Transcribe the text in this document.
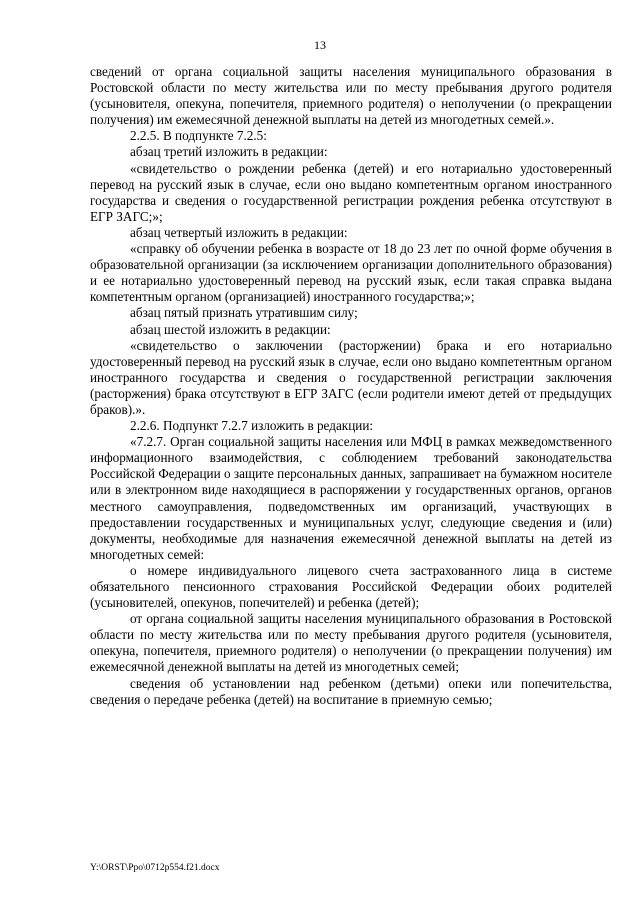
13

сведений от органа социальной защиты населения муниципального образования в Ростовской области по месту жительства или по месту пребывания другого родителя (усыновителя, опекуна, попечителя, приемного родителя) о неполучении (о прекращении получения) им ежемесячной денежной выплаты на детей из многодетных семей.».

2.2.5. В подпункте 7.2.5:

абзац третий изложить в редакции:

«свидетельство о рождении ребенка (детей) и его нотариально удостоверенный перевод на русский язык в случае, если оно выдано компетентным органом иностранного государства и сведения о государственной регистрации рождения ребенка отсутствуют в ЕГР ЗАГС;»;

абзац четвертый изложить в редакции:

«справку об обучении ребенка в возрасте от 18 до 23 лет по очной форме обучения в образовательной организации (за исключением организации дополнительного образования) и ее нотариально удостоверенный перевод на русский язык, если такая справка выдана компетентным органом (организацией) иностранного государства;»;

абзац пятый признать утратившим силу;

абзац шестой изложить в редакции:

«свидетельство о заключении (расторжении) брака и его нотариально удостоверенный перевод на русский язык в случае, если оно выдано компетентным органом иностранного государства и сведения о государственной регистрации заключения (расторжения) брака отсутствуют в ЕГР ЗАГС (если родители имеют детей от предыдущих браков).».

2.2.6. Подпункт 7.2.7 изложить в редакции:

«7.2.7. Орган социальной защиты населения или МФЦ в рамках межведомственного информационного взаимодействия, с соблюдением требований законодательства Российской Федерации о защите персональных данных, запрашивает на бумажном носителе или в электронном виде находящиеся в распоряжении у государственных органов, органов местного самоуправления, подведомственных им организаций, участвующих в предоставлении государственных и муниципальных услуг, следующие сведения и (или) документы, необходимые для назначения ежемесячной денежной выплаты на детей из многодетных семей:

о номере индивидуального лицевого счета застрахованного лица в системе обязательного пенсионного страхования Российской Федерации обоих родителей (усыновителей, опекунов, попечителей) и ребенка (детей);

от органа социальной защиты населения муниципального образования в Ростовской области по месту жительства или по месту пребывания другого родителя (усыновителя, опекуна, попечителя, приемного родителя) о неполучении (о прекращении получения) им ежемесячной денежной выплаты на детей из многодетных семей;

сведения об установлении над ребенком (детьми) опеки или попечительства, сведения о передаче ребенка (детей) на воспитание в приемную семью;

Y:\ORST\Ppo\0712p554.f21.docx
